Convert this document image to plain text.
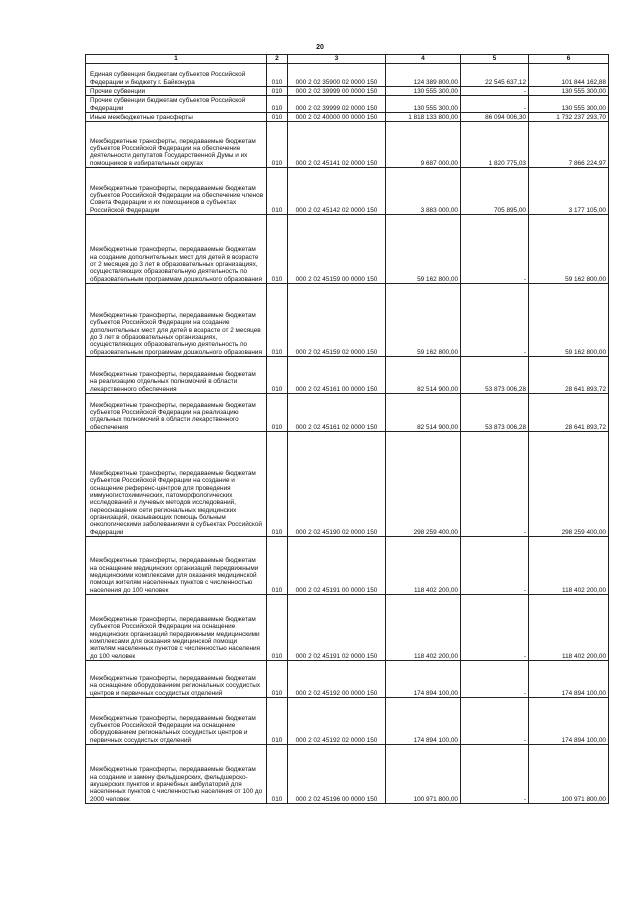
20
1	2	3	4	5	6

Единая субвенция бюджетам субъектов Российской Федерации и бюджету г. Байконура	010	000 2 02 35900 02 0000 150	124 389 800,00	22 545 637,12	101 844 162,88

Прочие субвенции	010	000 2 02 39999 00 0000 150	130 555 300,00	-	130 555 300,00

Прочие субвенции бюджетам субъектов Российской Федерации	010	000 2 02 39999 02 0000 150	130 555 300,00	-	130 555 300,00

Иные межбюджетные трансферты	010	000 2 02 40000 00 0000 150	1 818 133 800,00	86 094 006,30	1 732 237 293,70

Межбюджетные трансферты, передаваемые бюджетам субъектов Российской Федерации на обеспечение деятельности депутатов Государственной Думы и их помощников в избирательных округах	010	000 2 02 45141 02 0000 150	9 687 000,00	1 820 775,03	7 866 224,97

Межбюджетные трансферты, передаваемые бюджетам субъектов Российской Федерации на обеспечение членов Совета Федерации и их помощников в субъектах Российской Федерации	010	000 2 02 45142 02 0000 150	3 883 000,00	705 895,00	3 177 105,00

Межбюджетные трансферты, передаваемые бюджетам на создание дополнительных мест для детей в возрасте от 2 месяцев до 3 лет в образовательных организациях, осуществляющих образовательную деятельность по образовательным программам дошкольного образования	010	000 2 02 45159 00 0000 150	59 162 800,00	-	59 162 800,00

Межбюджетные трансферты, передаваемые бюджетам субъектов Российской Федерации на создание дополнительных мест для детей в возрасте от 2 месяцев до 3 лет в образовательных организациях, осуществляющих образовательную деятельность по образовательным программам дошкольного образования	010	000 2 02 45159 02 0000 150	59 162 800,00	-	59 162 800,00

Межбюджетные трансферты, передаваемые бюджетам на реализацию отдельных полномочий в области лекарственного обеспечения	010	000 2 02 45161 00 0000 150	82 514 900,00	53 873 006,28	28 641 893,72

Межбюджетные трансферты, передаваемые бюджетам субъектов Российской Федерации на реализацию отдельных полномочий в области лекарственного обеспечения	010	000 2 02 45161 02 0000 150	82 514 900,00	53 873 006,28	28 641 893,72

Межбюджетные трансферты, передаваемые бюджетам субъектов Российской Федерации на создание и оснащение референс-центров для проведения иммуногистохимических, патоморфологических исследований и лучевых методов исследований, переоснащение сети региональных медицинских организаций, оказывающих помощь больным онкологическими заболеваниями в субъектах Российской Федерации	010	000 2 02 45190 02 0000 150	298 259 400,00	-	298 259 400,00

Межбюджетные трансферты, передаваемые бюджетам на оснащение медицинских организаций передвижными медицинскими комплексами для оказания медицинской помощи жителям населенных пунктов с численностью населения до 100 человек	010	000 2 02 45191 00 0000 150	118 402 200,00	-	118 402 200,00

Межбюджетные трансферты, передаваемые бюджетам субъектов Российской Федерации на оснащение медицинских организаций передвижными медицинскими комплексами для оказания медицинской помощи жителям населенных пунктов с численностью населения до 100 человек	010	000 2 02 45191 02 0000 150	118 402 200,00	-	118 402 200,00

Межбюджетные трансферты, передаваемые бюджетам на оснащение оборудованием региональных сосудистых центров и первичных сосудистых отделений	010	000 2 02 45192 00 0000 150	174 894 100,00	-	174 894 100,00

Межбюджетные трансферты, передаваемые бюджетам субъектов Российской Федерации на оснащение оборудованием региональных сосудистых центров и первичных сосудистых отделений	010	000 2 02 45192 02 0000 150	174 894 100,00	-	174 894 100,00

Межбюджетные трансферты, передаваемые бюджетам на создание и замену фельдшерских, фельдшерско-акушерских пунктов и врачебных амбулаторий для населенных пунктов с численностью населения от 100 до 2000 человек	010	000 2 02 45196 00 0000 150	100 971 800,00	-	100 971 800,00
